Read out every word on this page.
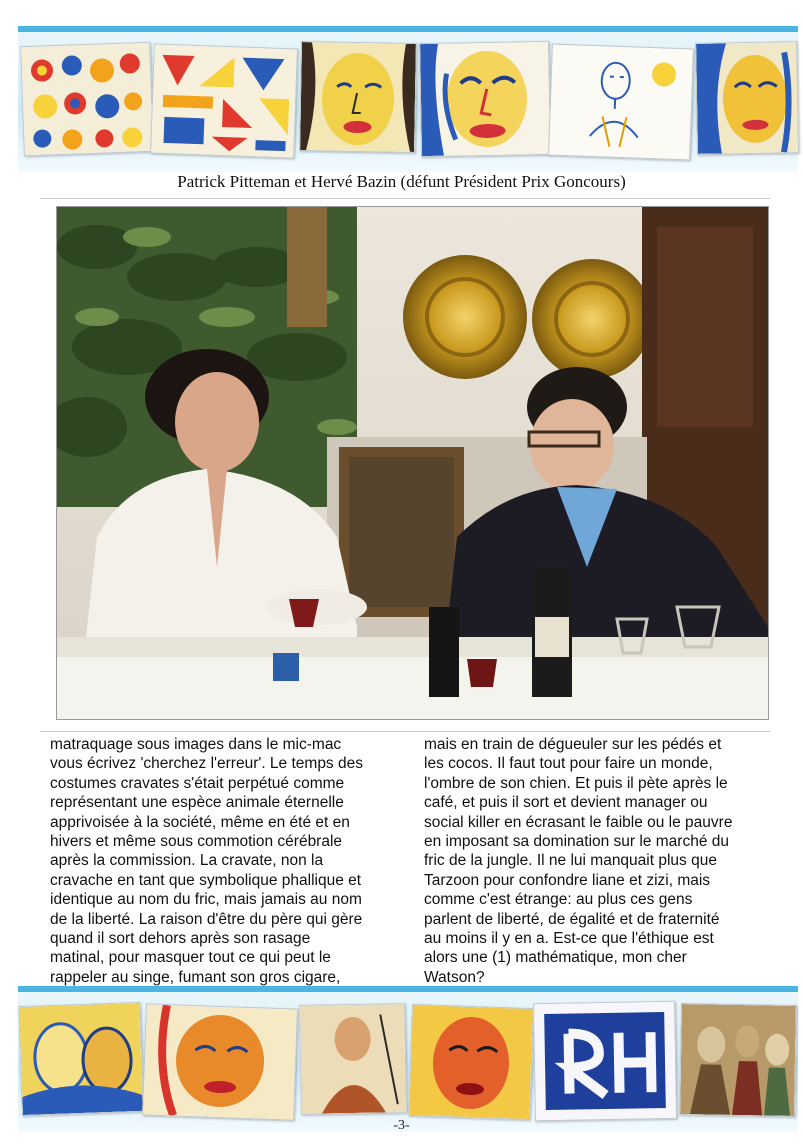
Patrick Pitteman et Hervé Bazin (défunt Président Prix Goncours)
matraquage sous images dans le mic-mac
vous écrivez 'cherchez l'erreur'. Le temps des
costumes cravates s'était perpétué comme
représentant une espèce animale éternelle
apprivoisée à la société, même en été et en
hivers et même sous commotion cérébrale
après la commission. La cravate, non la
cravache en tant que symbolique phallique et
identique au nom du fric, mais jamais au nom
de la liberté. La raison d'être du père qui gère
quand il sort dehors après son rasage
matinal, pour masquer tout ce qui peut le
rappeler au singe, fumant son gros cigare,
mais en train de dégueuler sur les pédés et
les cocos. Il faut tout pour faire un monde,
l'ombre de son chien. Et puis il pète après le
café, et puis il sort et devient manager ou
social killer en écrasant le faible ou le pauvre
en imposant sa domination sur le marché du
fric de la jungle. Il ne lui manquait plus que
Tarzoon pour confondre liane et zizi, mais
comme c'est étrange: au plus ces gens
parlent de liberté, de égalité et de fraternité
au moins il y en a. Est-ce que l'éthique est
alors une (1) mathématique, mon cher
Watson?
-3-
